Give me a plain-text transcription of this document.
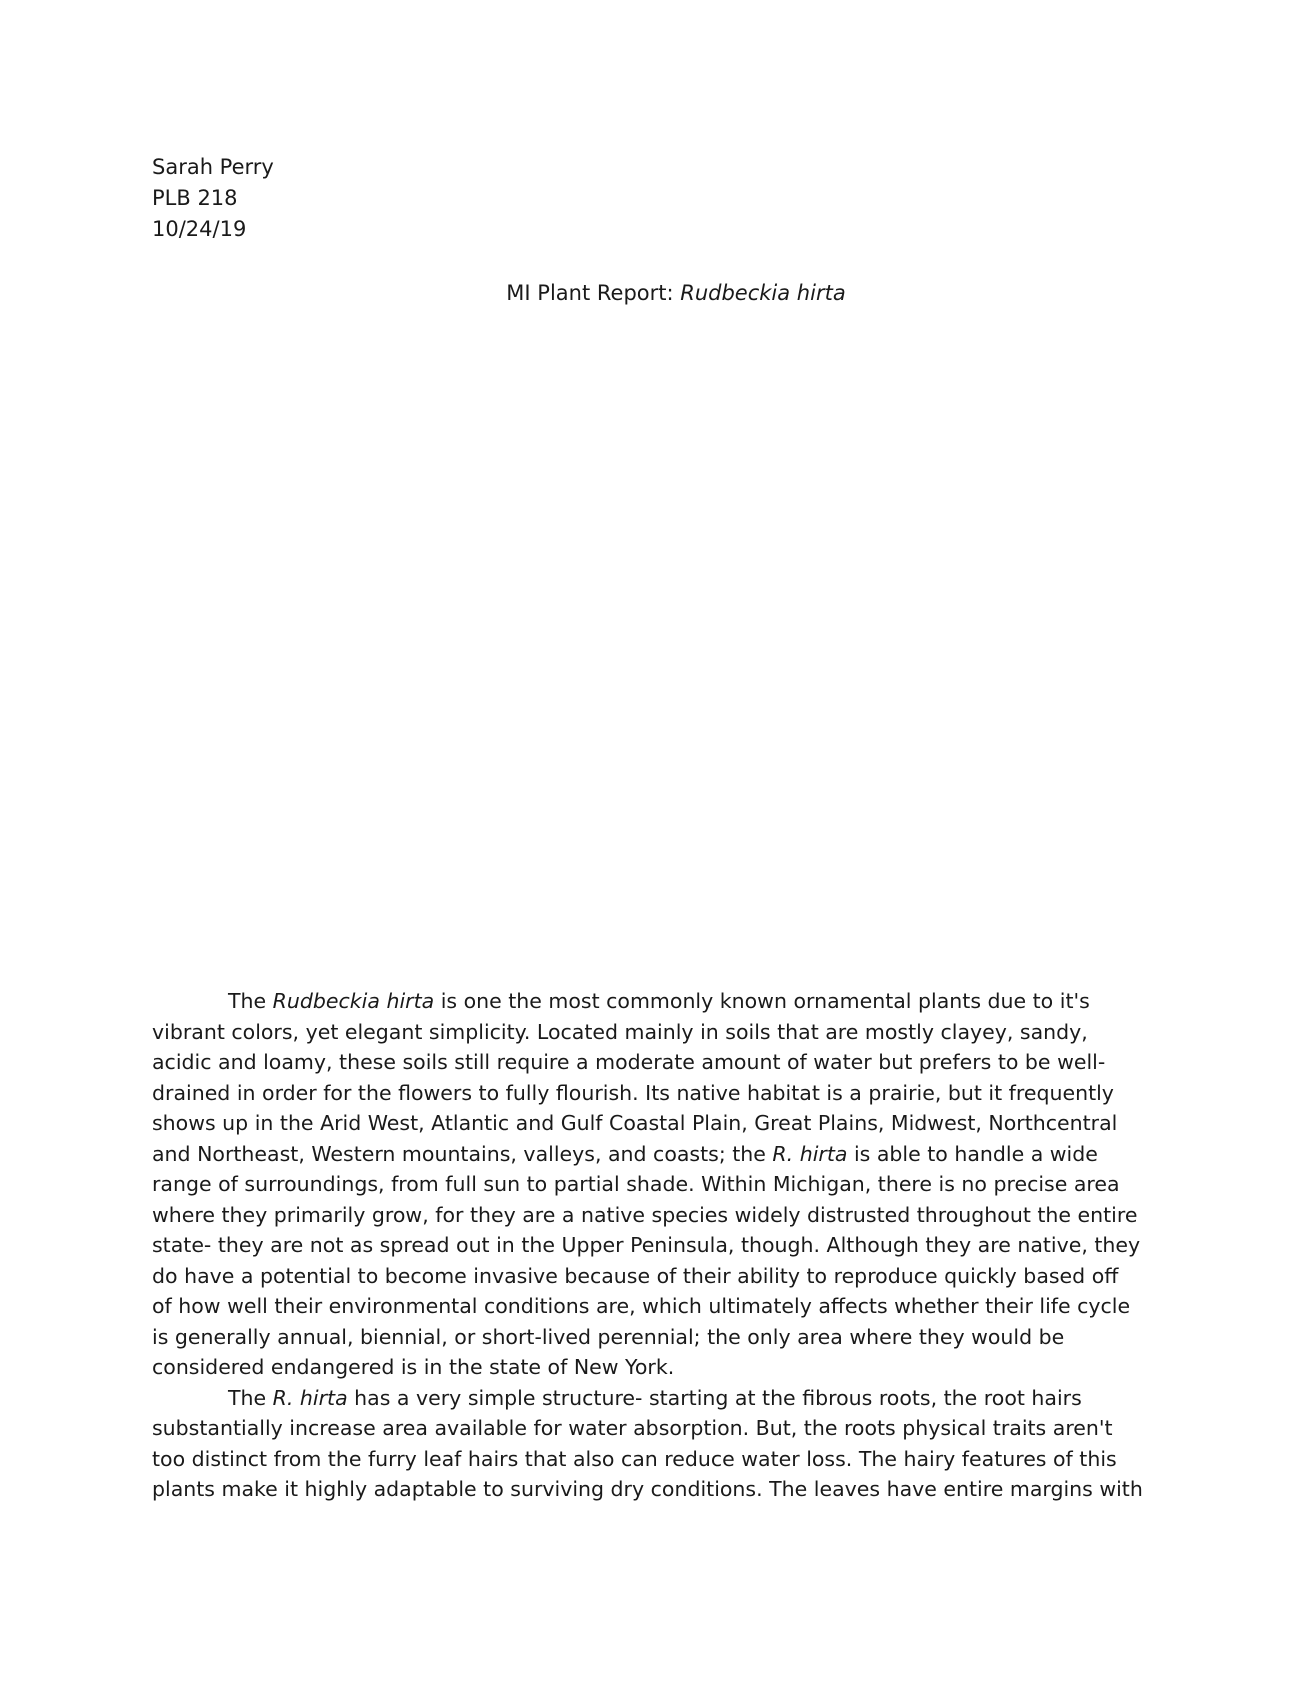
Sarah Perry
PLB 218
10/24/19
MI Plant Report: Rudbeckia hirta
The Rudbeckia hirta is one the most commonly known ornamental plants due to it's
vibrant colors, yet elegant simplicity. Located mainly in soils that are mostly clayey, sandy,
acidic and loamy, these soils still require a moderate amount of water but prefers to be well-
drained in order for the flowers to fully flourish. Its native habitat is a prairie, but it frequently
shows up in the Arid West, Atlantic and Gulf Coastal Plain, Great Plains, Midwest, Northcentral
and Northeast, Western mountains, valleys, and coasts; the R. hirta is able to handle a wide
range of surroundings, from full sun to partial shade. Within Michigan, there is no precise area
where they primarily grow, for they are a native species widely distrusted throughout the entire
state- they are not as spread out in the Upper Peninsula, though. Although they are native, they
do have a potential to become invasive because of their ability to reproduce quickly based off
of how well their environmental conditions are, which ultimately affects whether their life cycle
is generally annual, biennial, or short-lived perennial; the only area where they would be
considered endangered is in the state of New York.
The R. hirta has a very simple structure- starting at the fibrous roots, the root hairs
substantially increase area available for water absorption. But, the roots physical traits aren't
too distinct from the furry leaf hairs that also can reduce water loss. The hairy features of this
plants make it highly adaptable to surviving dry conditions. The leaves have entire margins with
